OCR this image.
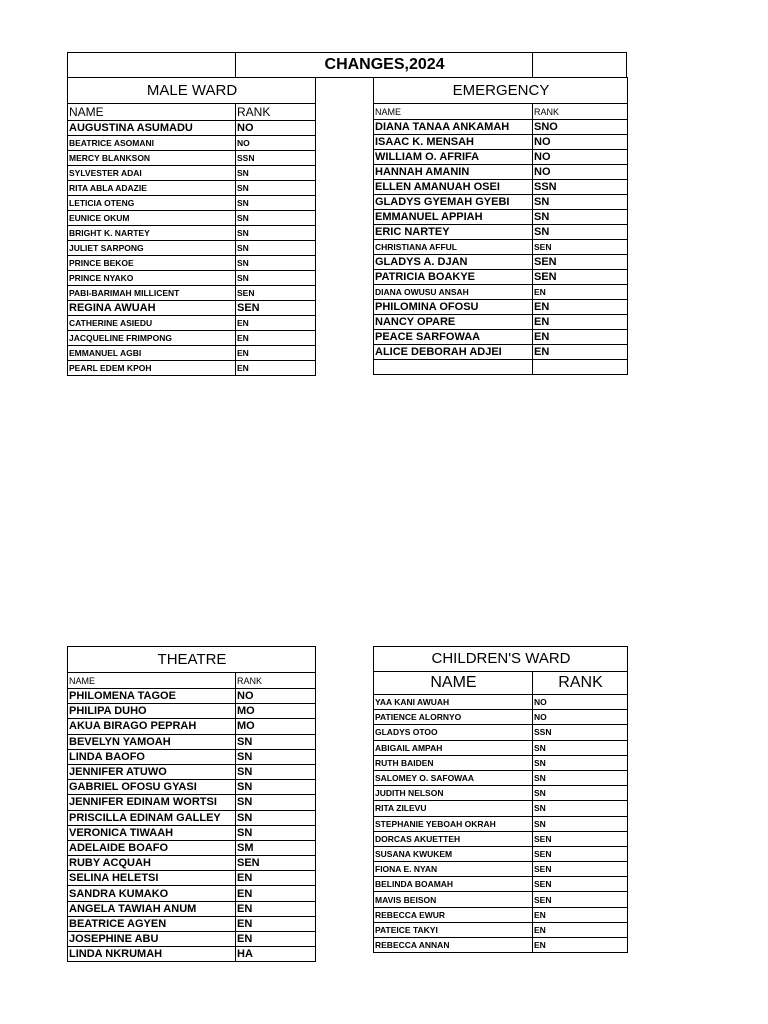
	CHANGES,2024	
MALE WARD	
NAME	RANK
AUGUSTINA ASUMADU	NO
BEATRICE ASOMANI	NO
MERCY BLANKSON	SSN
SYLVESTER ADAI	SN
RITA ABLA ADAZIE	SN
LETICIA OTENG	SN
EUNICE OKUM	SN
BRIGHT K. NARTEY	SN
JULIET SARPONG	SN
PRINCE BEKOE	SN
PRINCE NYAKO	SN
PABI-BARIMAH MILLICENT	SEN
REGINA AWUAH	SEN
CATHERINE ASIEDU	EN
JACQUELINE FRIMPONG	EN
EMMANUEL AGBI	EN
PEARL EDEM KPOH	EN
EMERGENCY	
NAME	RANK
DIANA TANAA ANKAMAH	SNO
ISAAC K. MENSAH	NO
WILLIAM O. AFRIFA	NO
HANNAH AMANIN	NO
ELLEN AMANUAH OSEI	SSN
GLADYS GYEMAH GYEBI	SN
EMMANUEL APPIAH	SN
ERIC NARTEY	SN
CHRISTIANA AFFUL	SEN
GLADYS A. DJAN	SEN
PATRICIA BOAKYE	SEN
DIANA OWUSU ANSAH	EN
PHILOMINA OFOSU	EN
NANCY OPARE	EN
PEACE SARFOWAA	EN
ALICE DEBORAH ADJEI	EN

THEATRE	
NAME	RANK
PHILOMENA TAGOE	NO
PHILIPA DUHO	MO
AKUA BIRAGO PEPRAH	MO
BEVELYN YAMOAH	SN
LINDA BAOFO	SN
JENNIFER ATUWO	SN
GABRIEL OFOSU GYASI	SN
JENNIFER EDINAM WORTSI	SN
PRISCILLA EDINAM GALLEY	SN
VERONICA TIWAAH	SN
ADELAIDE BOAFO	SM
RUBY ACQUAH	SEN
SELINA HELETSI	EN
SANDRA KUMAKO	EN
ANGELA TAWIAH ANUM	EN
BEATRICE AGYEN	EN
JOSEPHINE ABU	EN
LINDA NKRUMAH	HA
CHILDREN'S WARD	
NAME	RANK
YAA KANI AWUAH	NO
PATIENCE ALORNYO	NO
GLADYS OTOO	SSN
ABIGAIL AMPAH	SN
RUTH BAIDEN	SN
SALOMEY O. SAFOWAA	SN
JUDITH NELSON	SN
RITA ZILEVU	SN
STEPHANIE YEBOAH OKRAH	SN
DORCAS AKUETTEH	SEN
SUSANA KWUKEM	SEN
FIONA E. NYAN	SEN
BELINDA BOAMAH	SEN
MAVIS BEISON	SEN
REBECCA EWUR	EN
PATEICE TAKYI	EN
REBECCA ANNAN	EN
